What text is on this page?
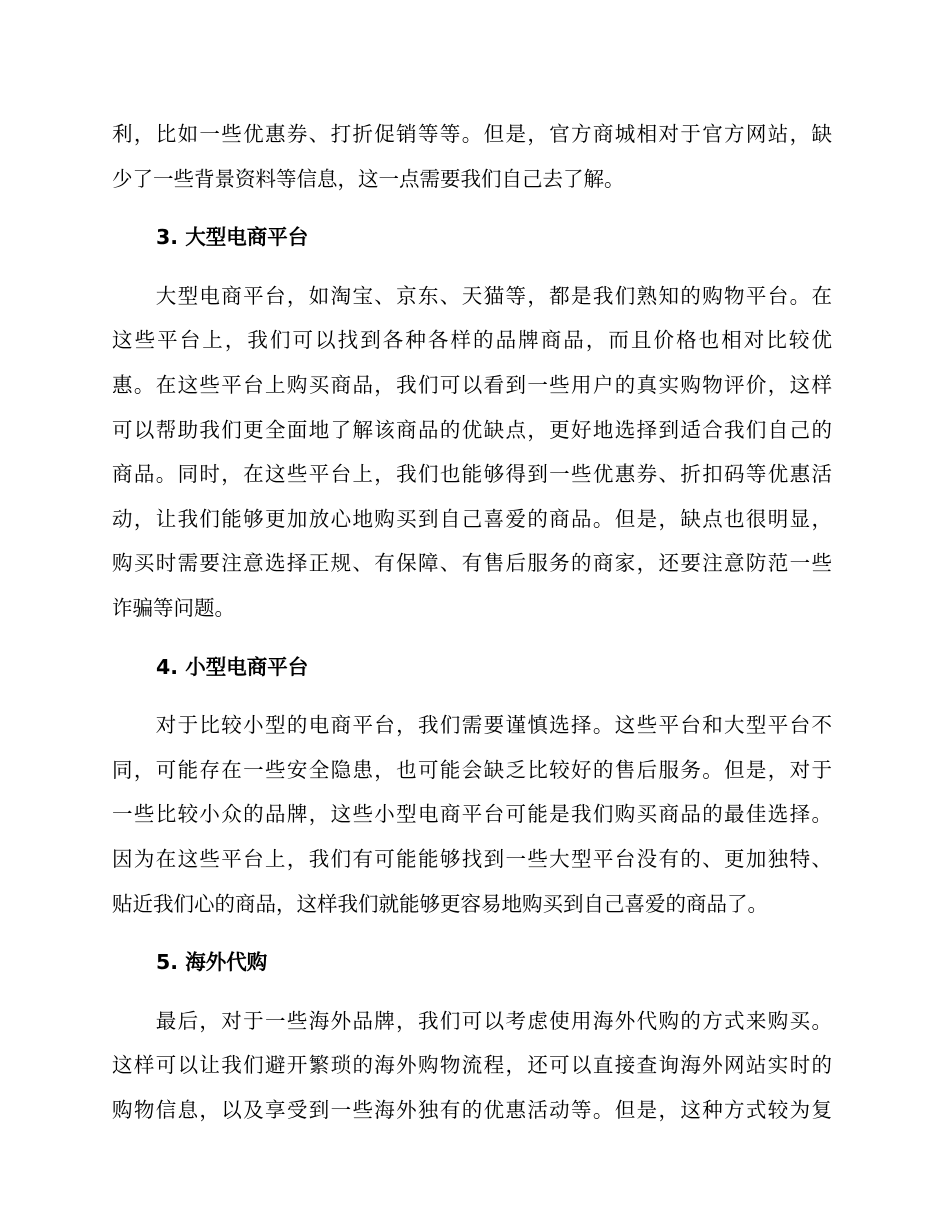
利，比如一些优惠券、打折促销等等。但是，官方商城相对于官方网站，缺
少了一些背景资料等信息，这一点需要我们自己去了解。

3. 大型电商平台

　　大型电商平台，如淘宝、京东、天猫等，都是我们熟知的购物平台。在
这些平台上，我们可以找到各种各样的品牌商品，而且价格也相对比较优
惠。在这些平台上购买商品，我们可以看到一些用户的真实购物评价，这样
可以帮助我们更全面地了解该商品的优缺点，更好地选择到适合我们自己的
商品。同时，在这些平台上，我们也能够得到一些优惠券、折扣码等优惠活
动，让我们能够更加放心地购买到自己喜爱的商品。但是，缺点也很明显，
购买时需要注意选择正规、有保障、有售后服务的商家，还要注意防范一些
诈骗等问题。

4. 小型电商平台

　　对于比较小型的电商平台，我们需要谨慎选择。这些平台和大型平台不
同，可能存在一些安全隐患，也可能会缺乏比较好的售后服务。但是，对于
一些比较小众的品牌，这些小型电商平台可能是我们购买商品的最佳选择。
因为在这些平台上，我们有可能能够找到一些大型平台没有的、更加独特、
贴近我们心的商品，这样我们就能够更容易地购买到自己喜爱的商品了。

5. 海外代购

　　最后，对于一些海外品牌，我们可以考虑使用海外代购的方式来购买。
这样可以让我们避开繁琐的海外购物流程，还可以直接查询海外网站实时的
购物信息，以及享受到一些海外独有的优惠活动等。但是，这种方式较为复
